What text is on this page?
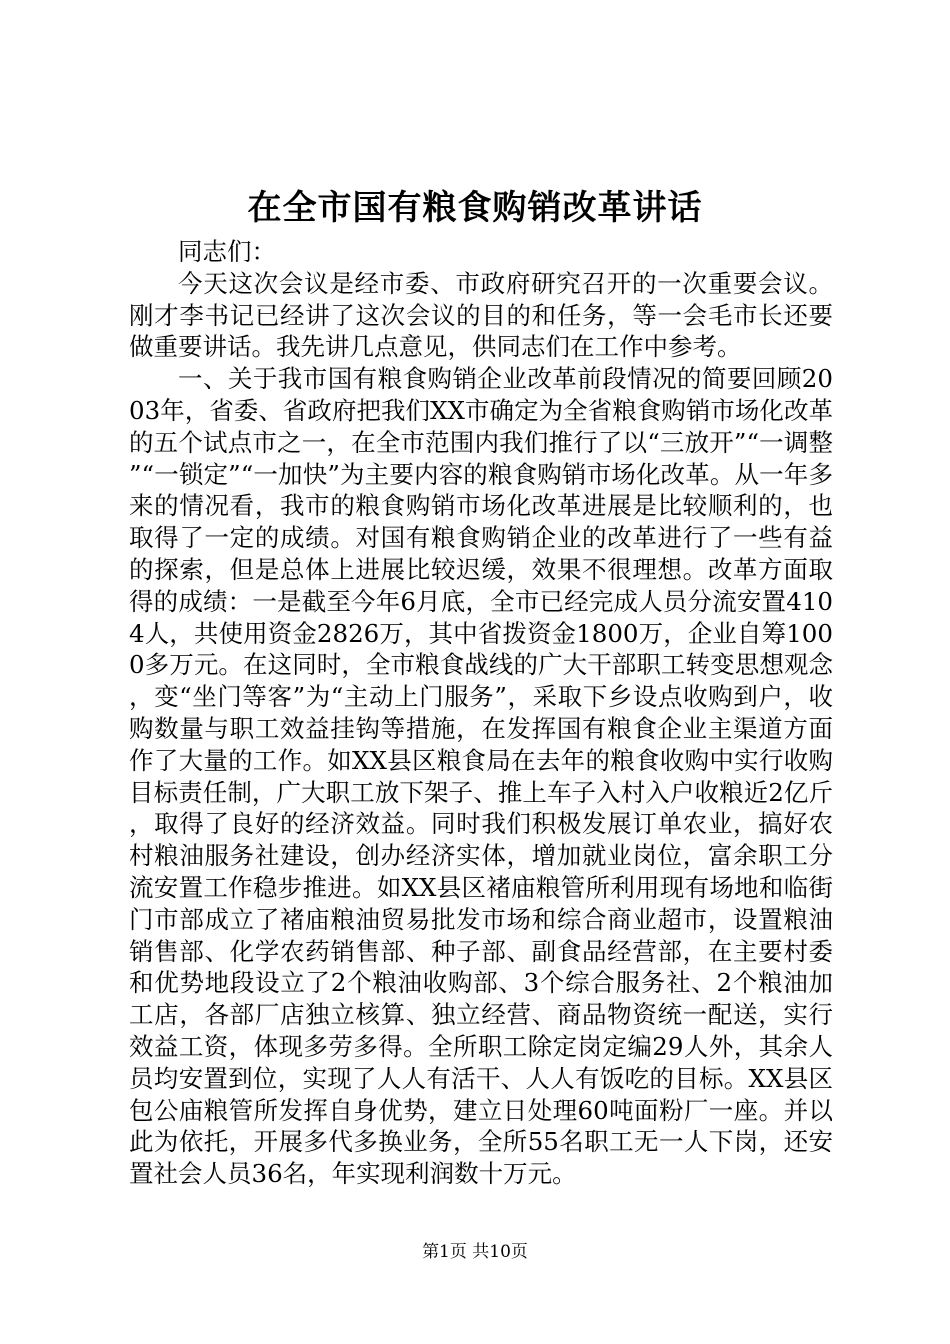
在全市国有粮食购销改革讲话

同志们：

今天这次会议是经市委、市政府研究召开的一次重要会议。刚才李书记已经讲了这次会议的目的和任务，等一会毛市长还要做重要讲话。我先讲几点意见，供同志们在工作中参考。

一、关于我市国有粮食购销企业改革前段情况的简要回顾2003年，省委、省政府把我们XX市确定为全省粮食购销市场化改革的五个试点市之一，在全市范围内我们推行了以“三放开”“一调整”“一锁定”“一加快”为主要内容的粮食购销市场化改革。从一年多来的情况看，我市的粮食购销市场化改革进展是比较顺利的，也取得了一定的成绩。对国有粮食购销企业的改革进行了一些有益的探索，但是总体上进展比较迟缓，效果不很理想。改革方面取得的成绩：一是截至今年6月底，全市已经完成人员分流安置4104人，共使用资金2826万，其中省拨资金1800万，企业自筹1000多万元。在这同时，全市粮食战线的广大干部职工转变思想观念，变“坐门等客”为“主动上门服务”，采取下乡设点收购到户，收购数量与职工效益挂钩等措施，在发挥国有粮食企业主渠道方面作了大量的工作。如XX县区粮食局在去年的粮食收购中实行收购目标责任制，广大职工放下架子、推上车子入村入户收粮近2亿斤，取得了良好的经济效益。同时我们积极发展订单农业，搞好农村粮油服务社建设，创办经济实体，增加就业岗位，富余职工分流安置工作稳步推进。如XX县区褚庙粮管所利用现有场地和临街门市部成立了褚庙粮油贸易批发市场和综合商业超市，设置粮油销售部、化学农药销售部、种子部、副食品经营部，在主要村委和优势地段设立了2个粮油收购部、3个综合服务社、2个粮油加工店，各部厂店独立核算、独立经营、商品物资统一配送，实行效益工资，体现多劳多得。全所职工除定岗定编29人外，其余人员均安置到位，实现了人人有活干、人人有饭吃的目标。XX县区包公庙粮管所发挥自身优势，建立日处理60吨面粉厂一座。并以此为依托，开展多代多换业务，全所55名职工无一人下岗，还安置社会人员36名，年实现利润数十万元。

第1页 共10页
